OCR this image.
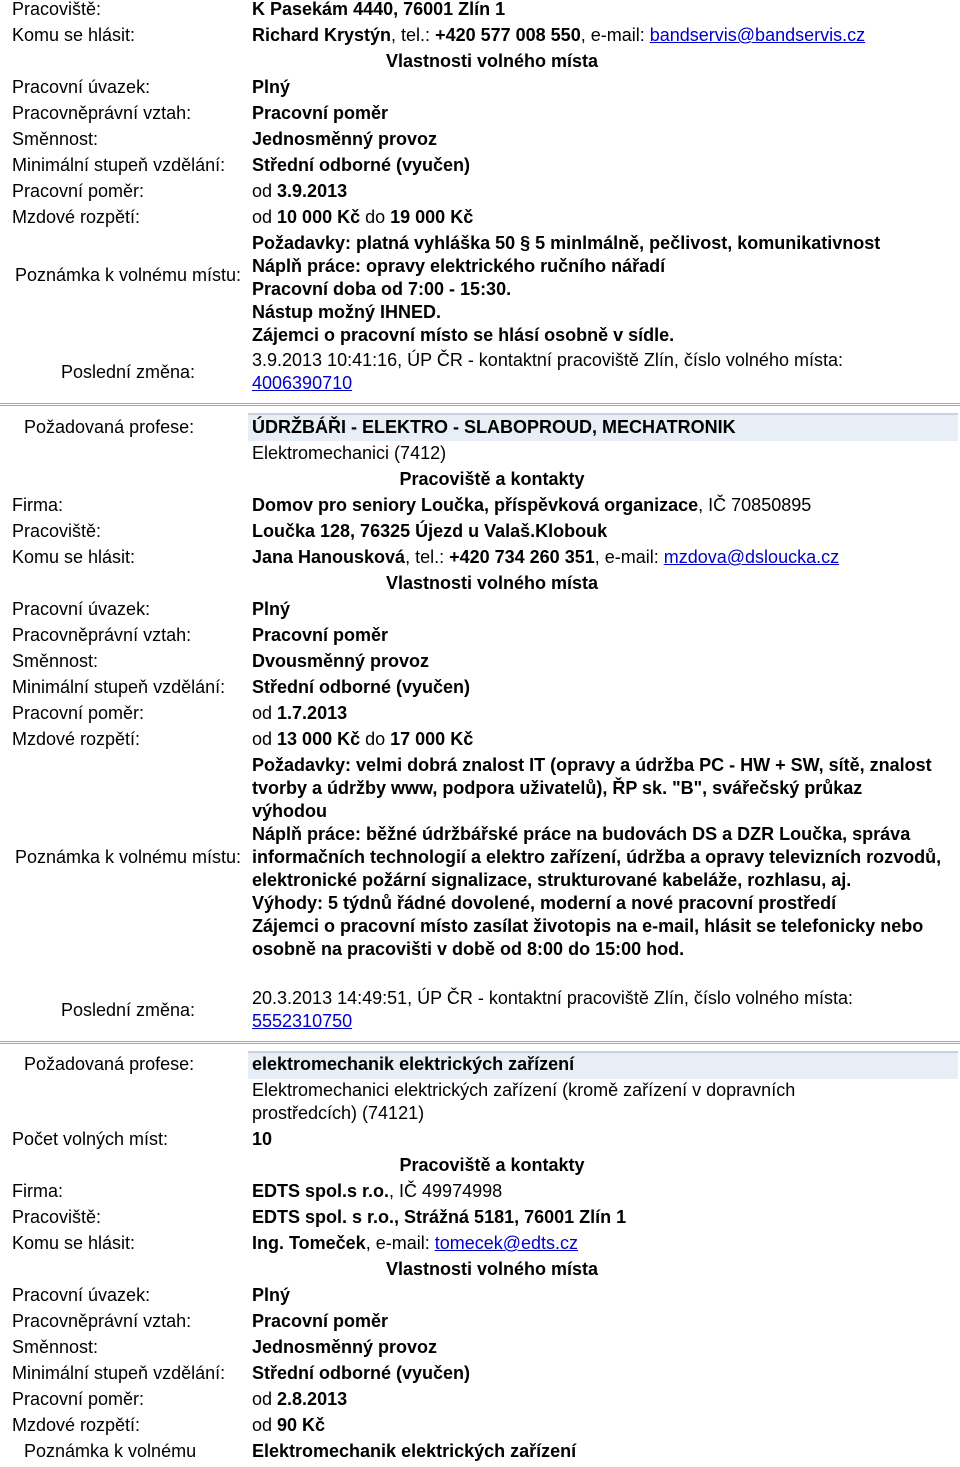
Pracoviště:	K Pasekám 4440, 76001 Zlín 1
Komu se hlásit:	Richard Krystýn, tel.: +420 577 008 550, e-mail: bandservis@bandservis.cz
Vlastnosti volného místa
Pracovní úvazek:	Plný
Pracovněprávní vztah:	Pracovní poměr
Směnnost:	Jednosměnný provoz
Minimální stupeň vzdělání: Střední odborné (vyučen)
Pracovní poměr:	od 3.9.2013
Mzdové rozpětí:	od 10 000 Kč do 19 000 Kč
Poznámka k volnému místu:
Požadavky: platná vyhláška 50 § 5 minlmálně, pečlivost, komunikativnost
Náplň práce: opravy elektrického ručního nářadí
Pracovní doba od 7:00 - 15:30.
Nástup možný IHNED.
Zájemci o pracovní místo se hlásí osobně v sídle.
Poslední změna:
3.9.2013 10:41:16, ÚP ČR - kontaktní pracoviště Zlín, číslo volného místa:
4006390710
Požadovaná profese:	ÚDRŽBÁŘI - ELEKTRO - SLABOPROUD, MECHATRONIK
Elektromechanici (7412)
Pracoviště a kontakty
Firma:	Domov pro seniory Loučka, příspěvková organizace, IČ 70850895
Pracoviště:	Loučka 128, 76325 Újezd u Valaš.Klobouk
Komu se hlásit:	Jana Hanousková, tel.: +420 734 260 351, e-mail: mzdova@dsloucka.cz
Vlastnosti volného místa
Pracovní úvazek:	Plný
Pracovněprávní vztah:	Pracovní poměr
Směnnost:	Dvousměnný provoz
Minimální stupeň vzdělání: Střední odborné (vyučen)
Pracovní poměr:	od 1.7.2013
Mzdové rozpětí:	od 13 000 Kč do 17 000 Kč
Poznámka k volnému místu:
Požadavky: velmi dobrá znalost IT (opravy a údržba PC - HW + SW, sítě, znalost tvorby a údržby www, podpora uživatelů), ŘP sk. "B", svářečský průkaz výhodou
Náplň práce: běžné údržbářské práce na budovách DS a DZR Loučka, správa informačních technologií a elektro zařízení, údržba a opravy televizních rozvodů, elektronické požární signalizace, strukturované kabeláže, rozhlasu, aj.
Výhody: 5 týdnů řádné dovolené, moderní a nové pracovní prostředí
Zájemci o pracovní místo zasílat životopis na e-mail, hlásit se telefonicky nebo osobně na pracovišti v době od 8:00 do 15:00 hod.
Poslední změna:
20.3.2013 14:49:51, ÚP ČR - kontaktní pracoviště Zlín, číslo volného místa:
5552310750
Požadovaná profese:	elektromechanik elektrických zařízení
Elektromechanici elektrických zařízení (kromě zařízení v dopravních prostředcích) (74121)
Počet volných míst:	10
Pracoviště a kontakty
Firma:	EDTS spol.s r.o., IČ 49974998
Pracoviště:	EDTS spol. s r.o., Strážná 5181, 76001 Zlín 1
Komu se hlásit:	Ing. Tomeček, e-mail: tomecek@edts.cz
Vlastnosti volného místa
Pracovní úvazek:	Plný
Pracovněprávní vztah:	Pracovní poměr
Směnnost:	Jednosměnný provoz
Minimální stupeň vzdělání: Střední odborné (vyučen)
Pracovní poměr:	od 2.8.2013
Mzdové rozpětí:	od 90 Kč
Poznámka k volnému	Elektromechanik elektrických zařízení
